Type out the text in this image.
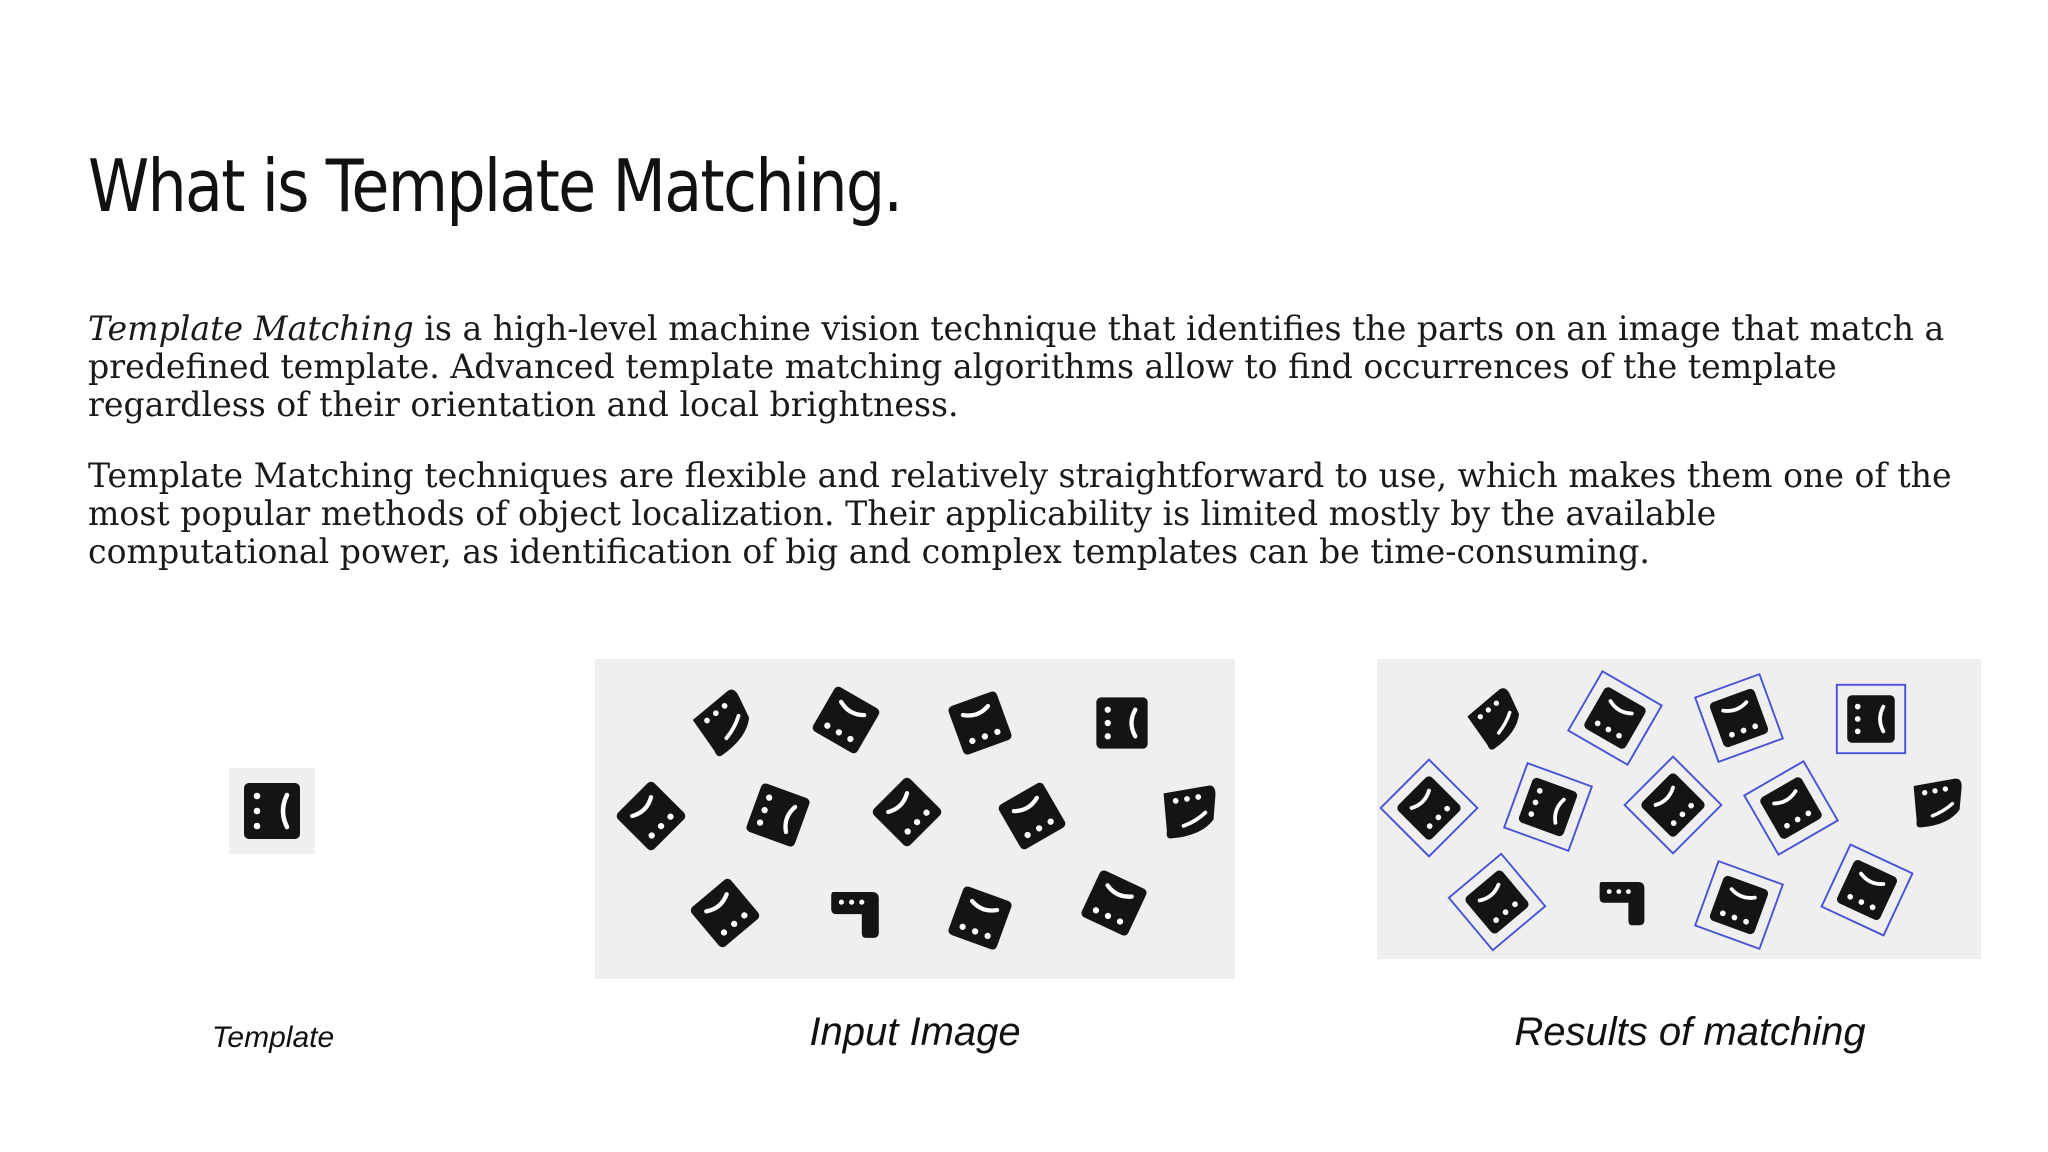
What is Template Matching.

Template Matching is a high-level machine vision technique that identifies the parts on an image that match a predefined template. Advanced template matching algorithms allow to find occurrences of the template regardless of their orientation and local brightness.

Template Matching techniques are flexible and relatively straightforward to use, which makes them one of the most popular methods of object localization. Their applicability is limited mostly by the available computational power, as identification of big and complex templates can be time-consuming.

Template	Input Image	Results of matching
